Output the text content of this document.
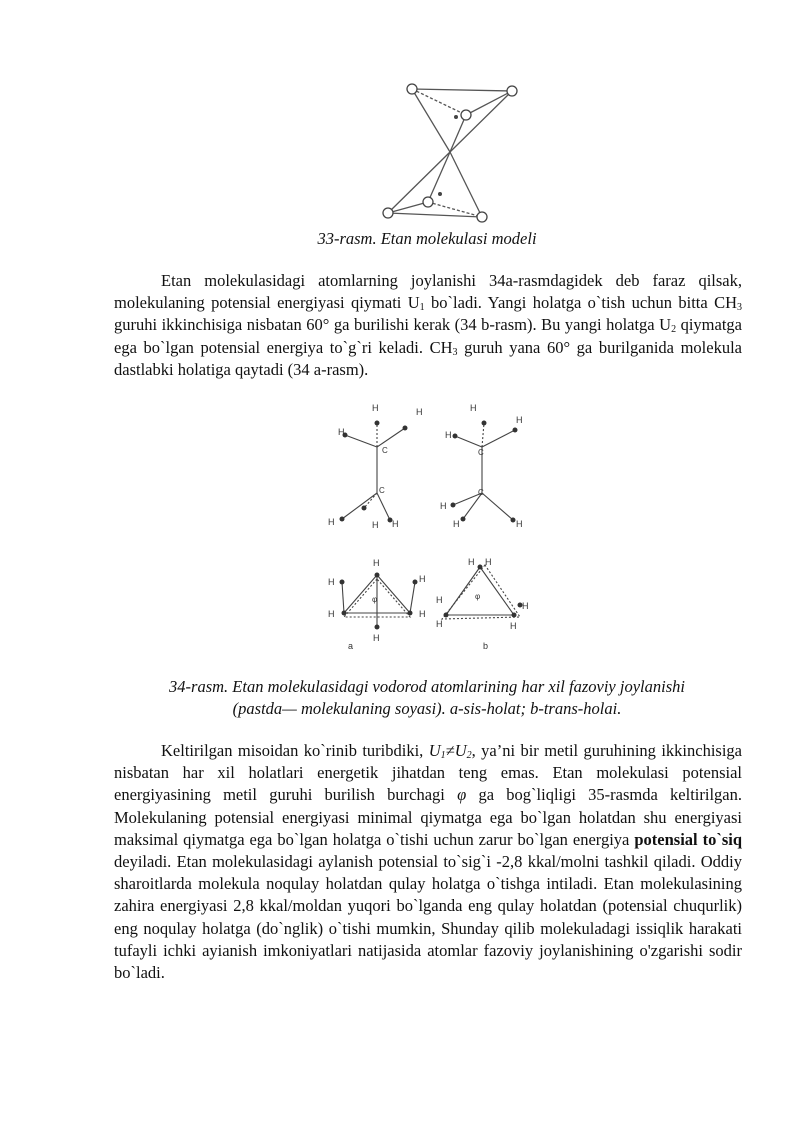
33-rasm. Etan molekulasi modeli

Etan molekulasidagi atomlarning joylanishi 34a-rasmdagidek deb faraz qilsak, molekulaning potensial energiyasi qiymati $U_1$ bo`ladi. Yangi holatga o`tish uchun bitta $CH_3$ guruhi ikkinchisiga nisbatan 60° ga burilishi kerak (34 b-rasm). Bu yangi holatga $U_2$ qiymatga ega bo`lgan potensial energiya to`g`ri keladi. $CH_3$ guruh yana 60° ga burilganida molekula dastlabki holatiga qaytadi (34 a-rasm).

H
H	H
C
C
H	H
H
H
H
H
C
C
H
H	H
H
H	H
H	H
H
φ
a
H H
H
H
H	H
φ
b
34-rasm. Etan molekulasidagi vodorod atomlarining har xil fazoviy joylanishi
(pastda— molekulaning soyasi). a-sis-holat; b-trans-holai.

Keltirilgan misoidan ko`rinib turibdiki, $U_1\ne U_2$, ya’ni bir metil guruhining ikkinchisiga nisbatan har xil holatlari energetik jihatdan teng emas. Etan molekulasi potensial energiyasining metil guruhi burilish burchagi φ ga bog`liqligi 35-rasmda keltirilgan. Molekulaning potensial energiyasi minimal qiymatga ega bo`lgan holatdan shu energiyasi maksimal qiymatga ega bo`lgan holatga o`tishi uchun zarur bo`lgan energiya potensial to`siq deyiladi. Etan molekulasidagi aylanish potensial to`sig`i -2,8 kkal/molni tashkil qiladi. Oddiy sharoitlarda molekula noqulay holatdan qulay holatga o`tishga intiladi. Etan molekulasining zahira energiyasi 2,8 kkal/moldan yuqori bo`lganda eng qulay holatdan (potensial chuqurlik) eng noqulay holatga (do`nglik) o`tishi mumkin, Shunday qilib molekuladagi issiqlik harakati tufayli ichki ayianish imkoniyatlari natijasida atomlar fazoviy joylanishining o'zgarishi sodir bo`ladi.
